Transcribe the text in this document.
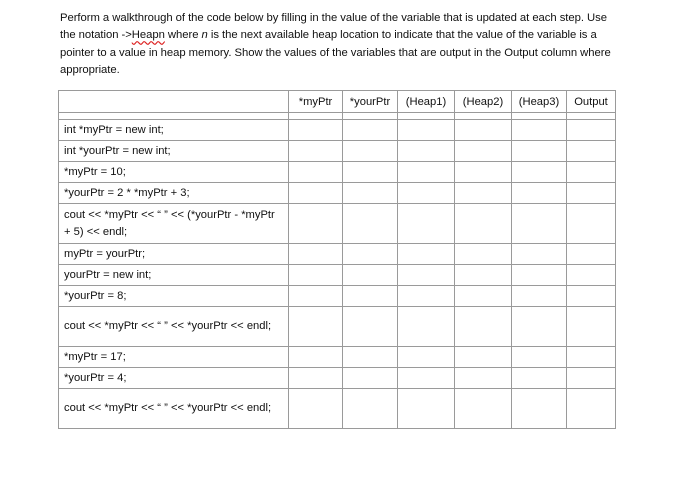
Perform a walkthrough of the code below by filling in the value of the variable that is updated at each step. Use the notation ->Heapn where n is the next available heap location to indicate that the value of the variable is a pointer to a value in heap memory. Show the values of the variables that are output in the Output column where appropriate.
	*myPtr	*yourPtr	(Heap1)	(Heap2)	(Heap3)	Output

int *myPtr = new int;						
int *yourPtr = new int;						
*myPtr = 10;						
*yourPtr = 2 * *myPtr + 3;						
cout << *myPtr << “ ” << (*yourPtr - *myPtr + 5) << endl;						
myPtr = yourPtr;						
yourPtr = new int;						
*yourPtr = 8;						
cout << *myPtr << “ ” << *yourPtr << endl;						
*myPtr = 17;						
*yourPtr = 4;						
cout << *myPtr << “ ” << *yourPtr << endl;						
